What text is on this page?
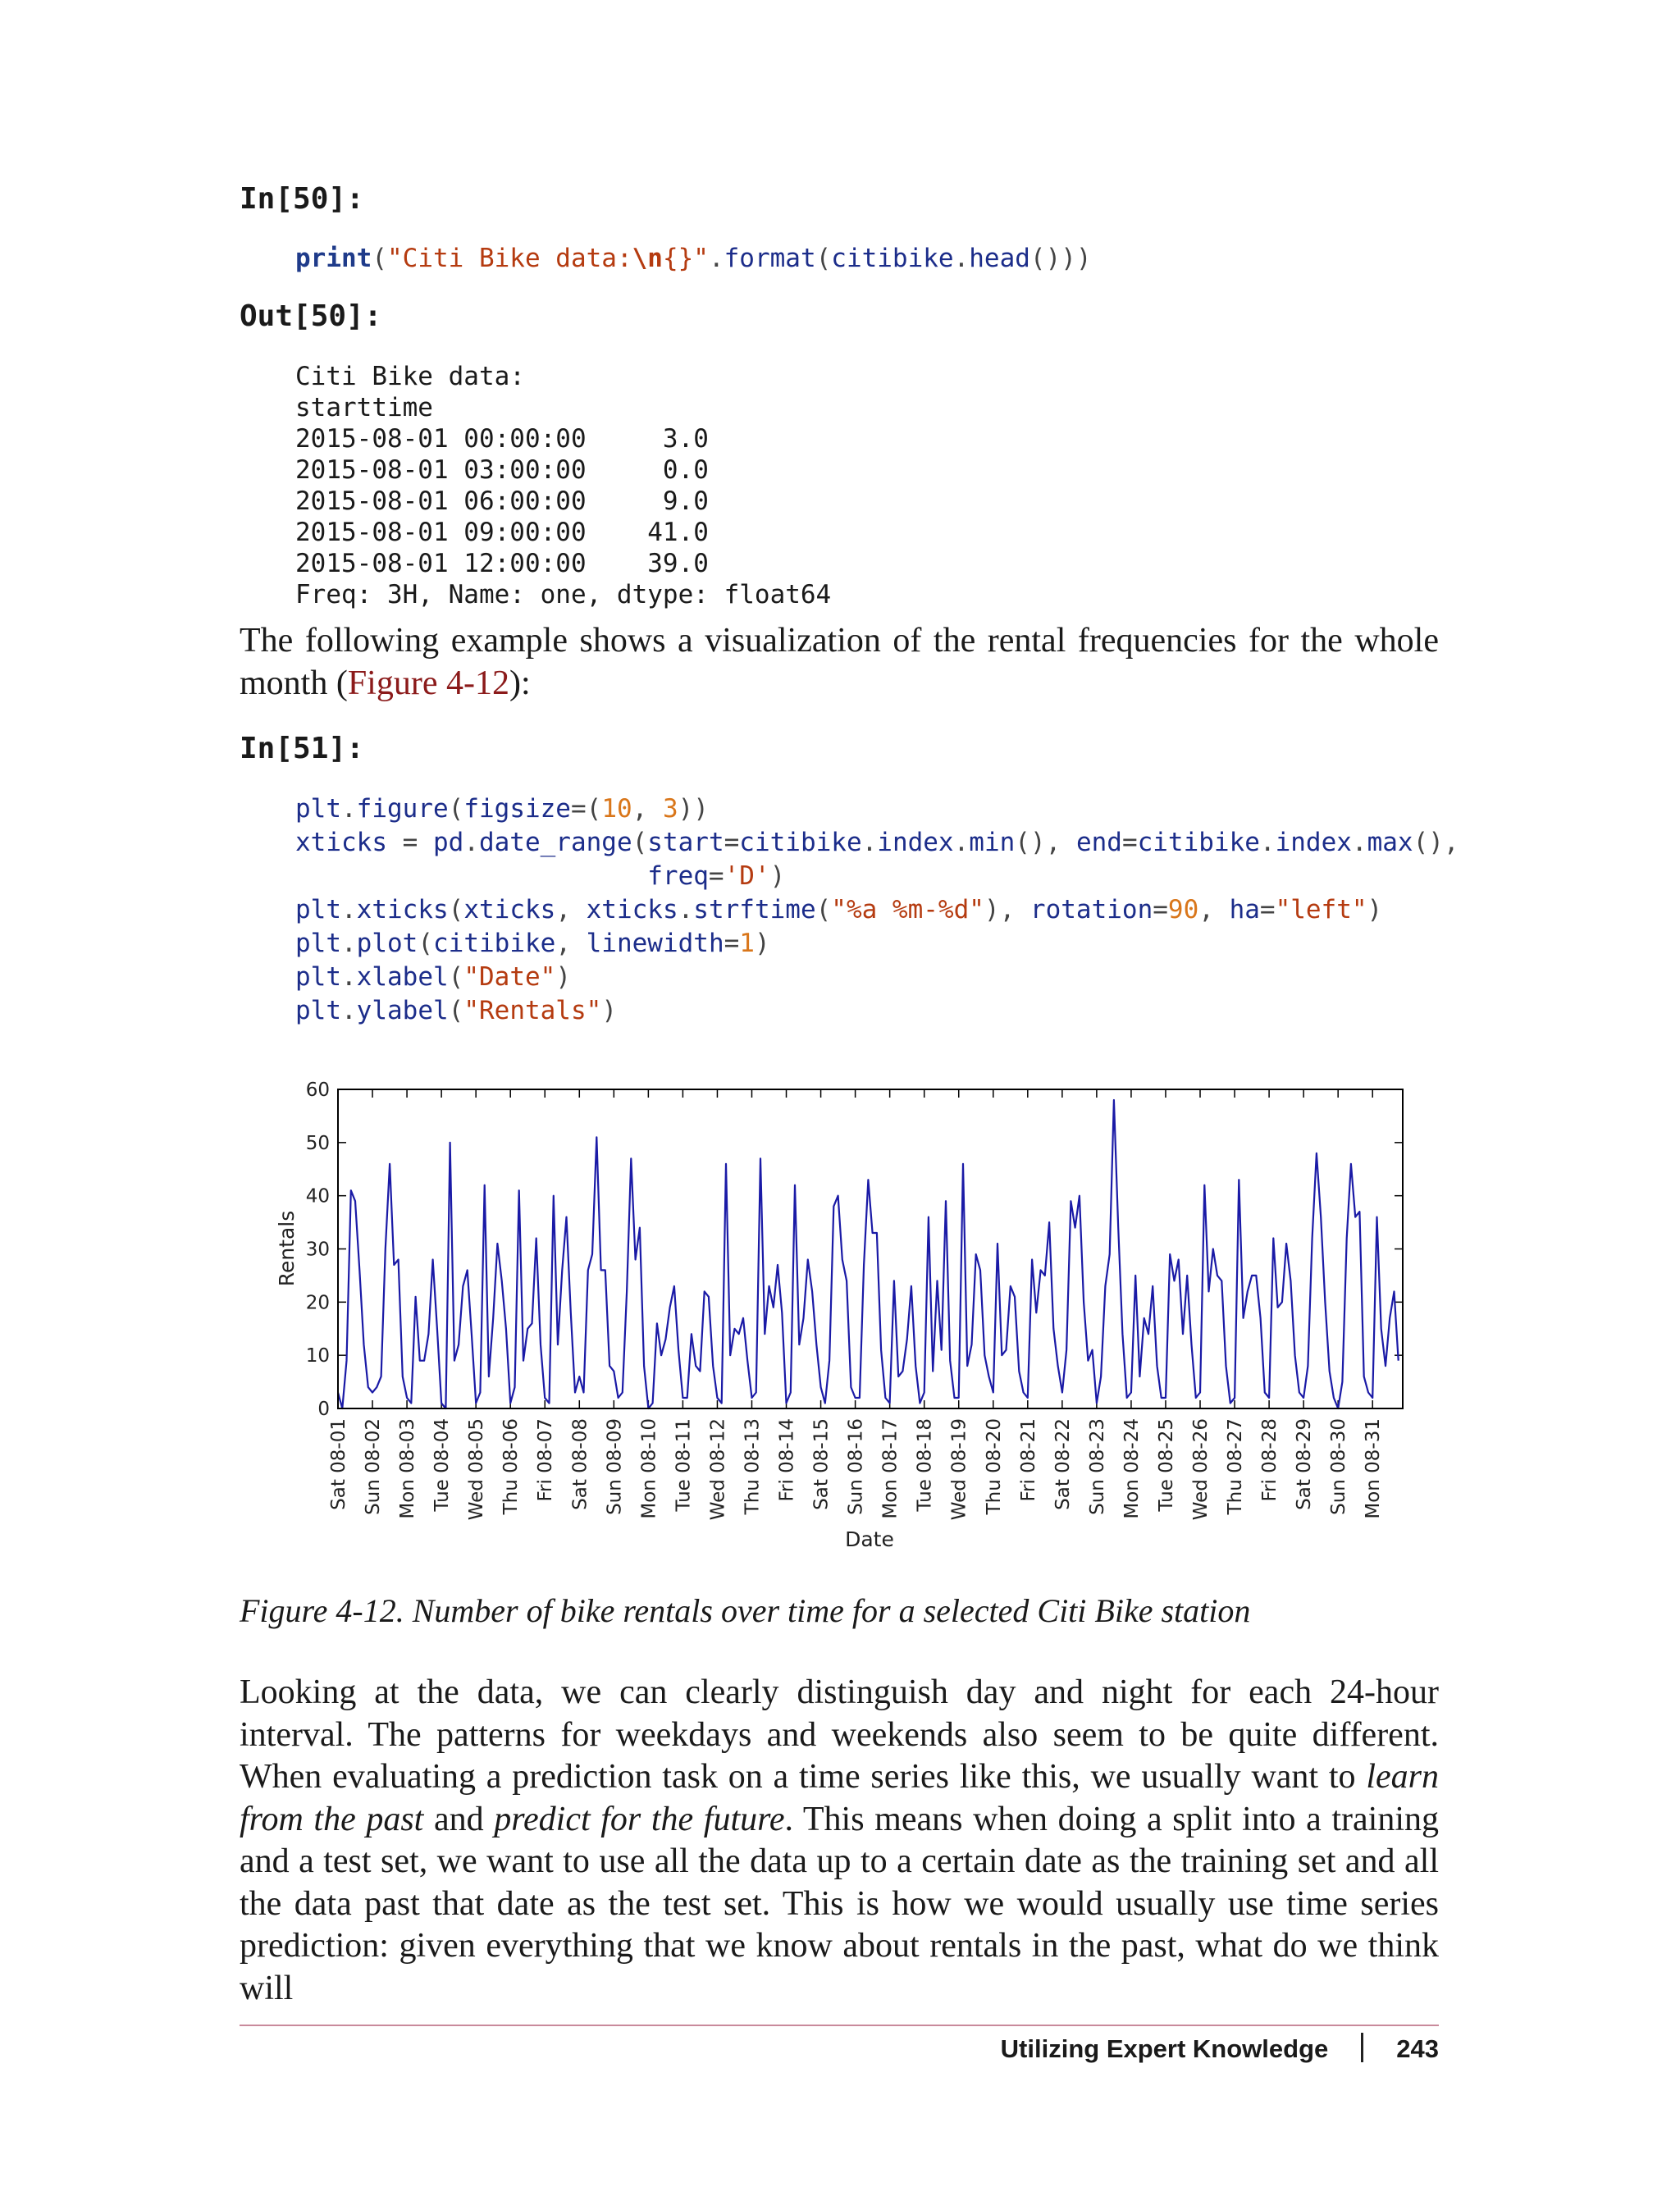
In[50]:
print("Citi Bike data:\n{}".format(citibike.head()))
Out[50]:
Citi Bike data:
starttime
2015-08-01 00:00:00     3.0
2015-08-01 03:00:00     0.0
2015-08-01 06:00:00     9.0
2015-08-01 09:00:00    41.0
2015-08-01 12:00:00    39.0
Freq: 3H, Name: one, dtype: float64

The following example shows a visualization of the rental frequencies for the whole month (Figure 4-12):

In[51]:
plt.figure(figsize=(10, 3))
xticks = pd.date_range(start=citibike.index.min(), end=citibike.index.max(),
freq='D')
plt.xticks(xticks, xticks.strftime("%a %m-%d"), rotation=90, ha="left")
plt.plot(citibike, linewidth=1)
plt.xlabel("Date")
plt.ylabel("Rentals")
0
10
20
30
40
50
60
Sat 08-01 Sun 08-02 Mon 08-03 Tue 08-04 Wed 08-05 Thu 08-06 Fri 08-07 Sat 08-08 Sun 08-09 Mon 08-10 Tue 08-11 Wed 08-12 Thu 08-13 Fri 08-14 Sat 08-15 Sun 08-16 Mon 08-17 Tue 08-18 Wed 08-19 Thu 08-20 Fri 08-21 Sat 08-22 Sun 08-23 Mon 08-24 Tue 08-25 Wed 08-26 Thu 08-27 Fri 08-28 Sat 08-29 Sun 08-30 Mon 08-31
Rentals
Date

Figure 4-12. Number of bike rentals over time for a selected Citi Bike station

Looking at the data, we can clearly distinguish day and night for each 24-hour interval. The patterns for weekdays and weekends also seem to be quite different. When evaluating a prediction task on a time series like this, we usually want to learn from the past and predict for the future. This means when doing a split into a training and a test set, we want to use all the data up to a certain date as the training set and all the data past that date as the test set. This is how we would usually use time series prediction: given everything that we know about rentals in the past, what do we think will

Utilizing Expert Knowledge	243
